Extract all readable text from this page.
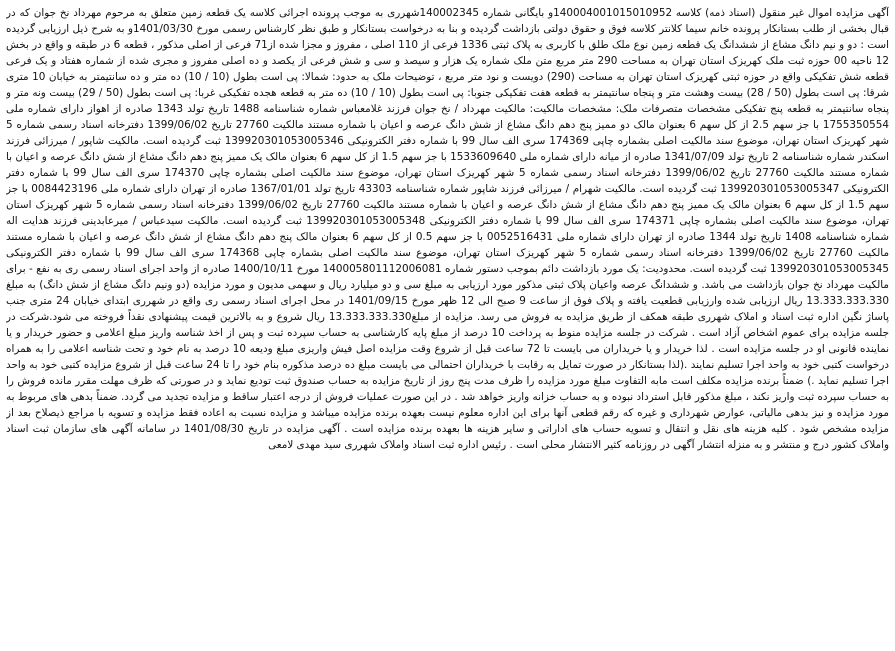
آگهی مزایده اموال غیر منقول (اسناد ذمه) کلاسه 140004001015010952و بایگانی شماره 140002345شهرری به موجب پرونده اجرائی کلاسه یک قطعه زمین متعلق به مرحوم مهرداد نخ جوان که در قبال بخشی از طلب بستانکار پرونده خانم سیما کلانتر کلاسه فوق و حقوق دولتی بازداشت گردیده و بنا به درخواست بستانکار و طبق نظر کارشناس رسمی مورخ 1401/03/30و به شرح ذیل ارزیابی گردیده است : دو و نیم دانگ مشاع از ششدانگ یک قطعه زمین نوع ملک طلق با کاربری به پلاک ثبتی 1336 فرعی از 110 اصلی ، مفروز و مجزا شده از71 فرعی از اصلی مذکور ، قطعه 6 در طبقه و واقع در بخش 12 ناحیه 00 حوزه ثبت ملک کهریزک استان تهران به مساحت 290 متر مربع متن ملک شماره یک هزار و سیصد و سی و شش فرعی از یکصد و ده اصلی مفروز و مجری شده از شماره هفتاد و یک فرعی قطعه شش تفکیکی واقع در حوزه ثبتی کهریزک استان تهران به مساحت (290) دویست و نود متر مربع ، توضیحات ملک به حدود: شمالا: پی است بطول (10 / 10) ده متر و ده سانتیمتر به خیابان 10 متری شرقا: پی است بطول (50 / 28) بیست وهشت متر و پنجاه سانتیمتر به قطعه هفت تفکیکی جنوبا: پی است بطول (10 / 10) ده متر به قطعه هجده تفکیکی غربا: پی است بطول (50 / 29) بیست ونه متر و پنجاه سانتیمتر به قطعه پنج تفکیکی مشخصات متصرفات ملک: مشخصات مالکیت: مالکیت مهرداد / نخ جوان فرزند غلامعباس شماره شناسنامه 1488 تاریخ تولد 1343 صادره از اهواز دارای شماره ملی 1755350554 با جز سهم 2.5 از کل سهم 6 بعنوان مالک دو ممیز پنج دهم دانگ مشاع از شش دانگ عرصه و اعیان با شماره مستند مالکیت 27760 تاریخ 1399/06/02 دفترخانه اسناد رسمی شماره 5 شهر کهریزک استان تهران، موضوع سند مالکیت اصلی بشماره چاپی 174369 سری الف سال 99 با شماره دفتر الکترونیکی 139920301053005346 ثبت گردیده است. مالکیت شاپور / میرزائی فرزند اسکندر شماره شناسنامه 2 تاریخ تولد 1341/07/09 صادره از میانه دارای شماره ملی 1533609640 با جز سهم 1.5 از کل سهم 6 بعنوان مالک یک ممیز پنج دهم دانگ مشاع از شش دانگ عرصه و اعیان با شماره مستند مالکیت 27760 تاریخ 1399/06/02 دفترخانه اسناد رسمی شماره 5 شهر کهریزک استان تهران، موضوع سند مالکیت اصلی بشماره چاپی 174370 سری الف سال 99 با شماره دفتر الکترونیکی 139920301053005347 ثبت گردیده است. مالکیت شهرام / میرزائی فرزند شاپور شماره شناسنامه 43303 تاریخ تولد 1367/01/01 صادره از تهران دارای شماره ملی 0084423196 با جز سهم 1.5 از کل سهم 6 بعنوان مالک یک ممیز پنج دهم دانگ مشاع از شش دانگ عرصه و اعیان با شماره مستند مالکیت 27760 تاریخ 1399/06/02 دفترخانه اسناد رسمی شماره 5 شهر کهریزک استان تهران، موضوع سند مالکیت اصلی بشماره چاپی 174371 سری الف سال 99 با شماره دفتر الکترونیکی 139920301053005348 ثبت گردیده است. مالکیت سیدعباس / میرعابدینی فرزند هدایت اله شماره شناسنامه 1408 تاریخ تولد 1344 صادره از تهران دارای شماره ملی 0052516431 با جز سهم 0.5 از کل سهم 6 بعنوان مالک پنج دهم دانگ مشاع از شش دانگ عرصه و اعیان با شماره مستند مالکیت 27760 تاریخ 1399/06/02 دفترخانه اسناد رسمی شماره 5 شهر کهریزک استان تهران، موضوع سند مالکیت اصلی بشماره چاپی 174368 سری الف سال 99 با شماره دفتر الکترونیکی 139920301053005345 ثبت گردیده است. محدودیت: یک مورد بازداشت دائم بموجب دستور شماره 140005801112006081 مورخ 1400/10/11 صادره از واحد اجرای اسناد رسمی ری به نفع - برای مالکیت مهرداد نخ جوان بازداشت می باشد. و ششدانگ عرصه واعیان پلاک ثبتی مذکور مورد ارزیابی به مبلغ سی و دو میلیارد ریال و سهمی مدیون و مورد مزایده (دو ونیم دانگ مشاع از شش دانگ) به مبلغ 13.333.333.330 ریال ارزیابی شده وارزیابی قطعیت یافته و پلاک فوق از ساعت 9 صبح الی 12 ظهر مورخ 1401/09/15 در محل اجرای اسناد رسمی ری واقع در شهرری ابتدای خیابان 24 متری جنب پاساژ نگین اداره ثبت اسناد و املاک شهرری طبقه همکف از طریق مزایده به فروش می رسد. مزایده از مبلغ13.333.333.330 ریال شروع و به بالاترین قیمت پیشنهادی نقداً فروخته می شود.شرکت در جلسه مزایده برای عموم اشخاص آزاد است . شرکت در جلسه مزایده منوط به پرداخت 10 درصد از مبلغ پایه کارشناسی به حساب سپرده ثبت و پس از اخذ شناسه واریز مبلغ اعلامی و حضور خریدار و یا نماینده قانونی او در جلسه مزایده است . لذا خریدار و یا خریداران می بایست تا 72 ساعت قبل از شروع وقت مزایده اصل فیش واریزی مبلغ ودیعه 10 درصد به نام خود و تحت شناسه اعلامی را به همراه درخواست کتبی خود به واحد اجرا تسلیم نمایند .(لذا بستانکار در صورت تمایل به رقابت با خریداران احتمالی می بایست مبلغ ده درصد مذکوره بنام خود را تا 24 ساعت قبل از شروع مزایده کتبی خود به واحد اجرا تسلیم نماید .) ضمناً برنده مزایده مکلف است مابه التفاوت مبلغ مورد مزایده را ظرف مدت پنج روز از تاریخ مزایده به حساب صندوق ثبت تودیع نماید و در صورتی که ظرف مهلت مقرر مانده فروش را به حساب سپرده ثبت واریز نکند ، مبلغ مذکور قابل استرداد نبوده و به حساب خزانه واریز خواهد شد . در این صورت عملیات فروش از درجه اعتبار ساقط و مزایده تجدید می گردد. ضمناً بدهی های مربوط به مورد مزایده و نیز بدهی مالیاتی، عوارض شهرداری و غیره که رقم قطعی آنها برای این اداره معلوم نیست بعهده برنده مزایده میباشد و مزایده نسبت به اعاده فقط مزایده و تسویه با مراجع ذیصلاح بعد از مزایده مشخص شود . کلیه هزینه های نقل و انتقال و تسویه حساب های اداراتی و سایر هزینه ها بعهده برنده مزایده است . آگهی مزایده در تاریخ 1401/08/30 در سامانه آگهی های سازمان ثبت اسناد واملاک کشور درج و منتشر و به منزله انتشار آگهی در روزنامه کثیر الانتشار محلی است . رئیس اداره ثبت اسناد واملاک شهرری سید مهدی لامعی
